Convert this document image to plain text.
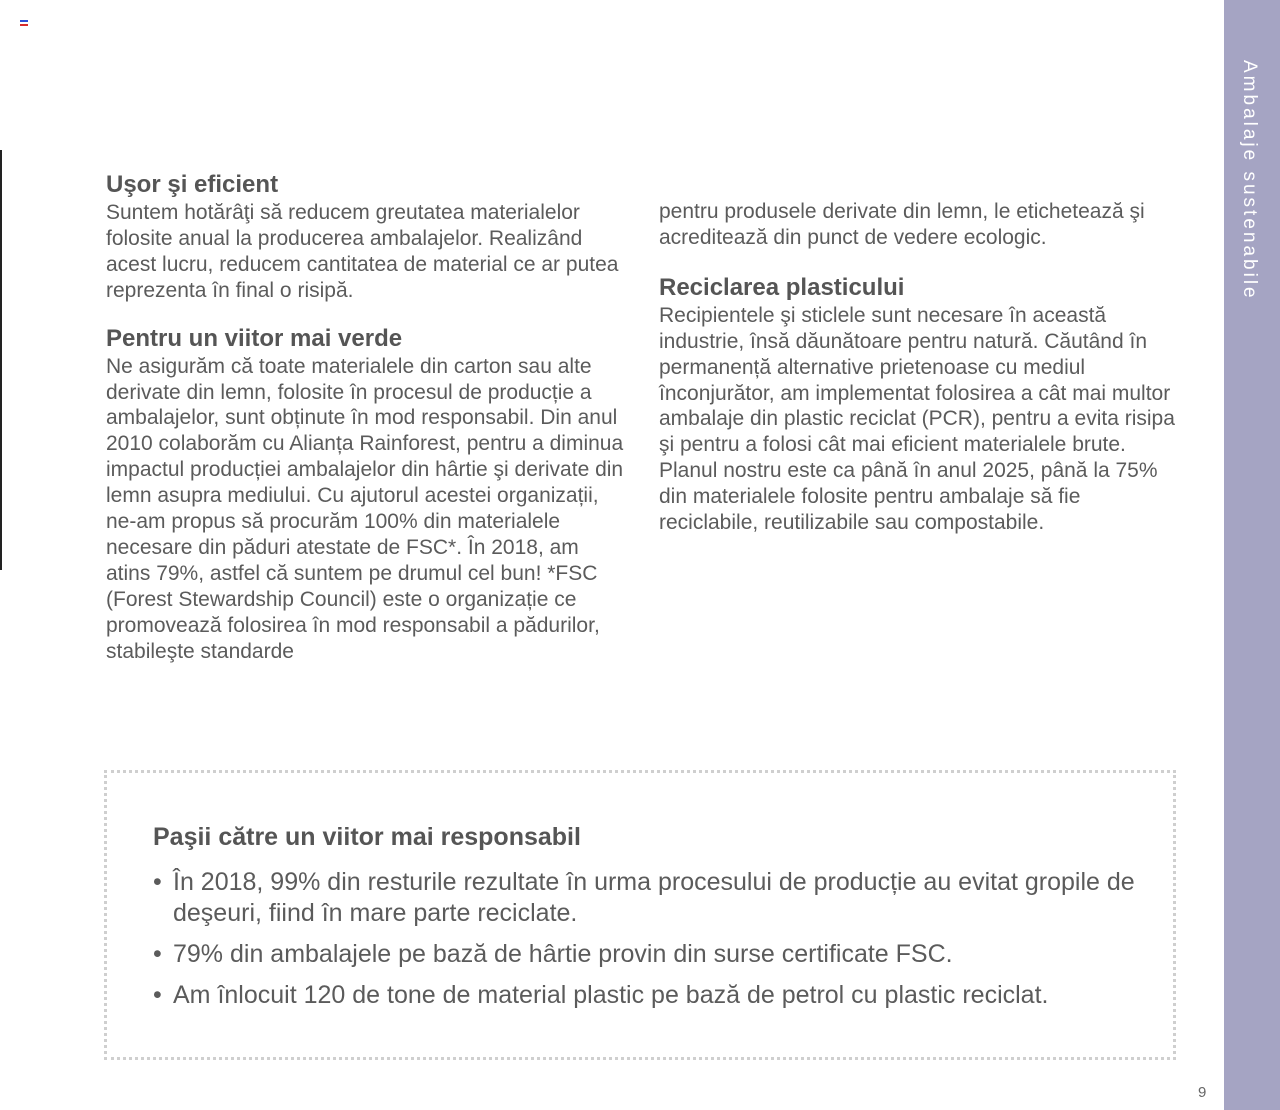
Uşor şi eficient

Suntem hotărâţi să reducem greutatea materialelor folosite anual la producerea ambalajelor. Realizând acest lucru, reducem cantitatea de material ce ar putea reprezenta în final o risipă.

Pentru un viitor mai verde

Ne asigurăm că toate materialele din carton sau alte derivate din lemn, folosite în procesul de producție a ambalajelor, sunt obținute în mod responsabil. Din anul 2010 colaborăm cu Alianța Rainforest, pentru a diminua impactul producției ambalajelor din hârtie şi derivate din lemn asupra mediului. Cu ajutorul acestei organizații, ne-am propus să procurăm 100% din materialele necesare din păduri atestate de FSC*. În 2018, am atins 79%, astfel că suntem pe drumul cel bun! *FSC (Forest Stewardship Council) este o organizație ce promovează folosirea în mod responsabil a pădurilor, stabileşte standarde

pentru produsele derivate din lemn, le etichetează şi acreditează din punct de vedere ecologic.

Reciclarea plasticului

Recipientele şi sticlele sunt necesare în această industrie, însă dăunătoare pentru natură. Căutând în permanență alternative prietenoase cu mediul înconjurător, am implementat folosirea a cât mai multor ambalaje din plastic reciclat (PCR), pentru a evita risipa şi pentru a folosi cât mai eficient materialele brute. Planul nostru este ca până în anul 2025, până la 75% din materialele folosite pentru ambalaje să fie reciclabile, reutilizabile sau compostabile.

Ambalaje sustenabile
Paşii către un viitor mai responsabil
• În 2018, 99% din resturile rezultate în urma procesului de producție au evitat gropile de deşeuri, fiind în mare parte reciclate.
• 79% din ambalajele pe bază de hârtie provin din surse certificate FSC.
• Am înlocuit 120 de tone de material plastic pe bază de petrol cu plastic reciclat.
9
